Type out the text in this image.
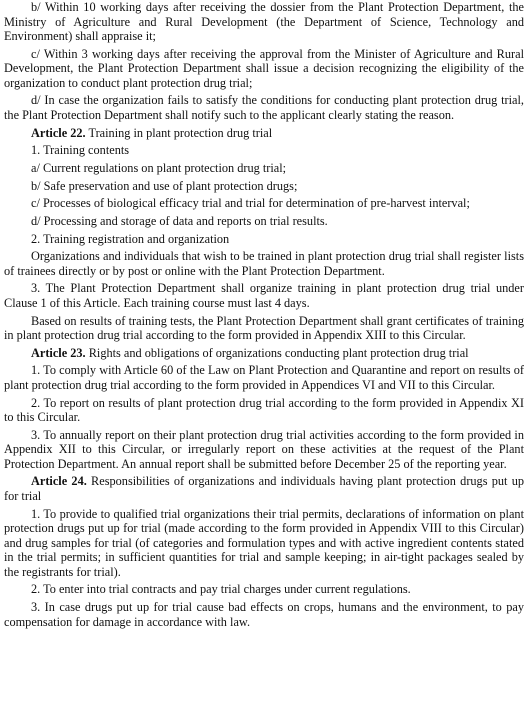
b/ Within 10 working days after receiving the dossier from the Plant Protection Department, the Ministry of Agriculture and Rural Development (the Department of Science, Technology and Environment) shall appraise it;

c/ Within 3 working days after receiving the approval from the Minister of Agriculture and Rural Development, the Plant Protection Department shall issue a decision recognizing the eligibility of the organization to conduct plant protection drug trial;

d/ In case the organization fails to satisfy the conditions for conducting plant protection drug trial, the Plant Protection Department shall notify such to the applicant clearly stating the reason.

Article 22. Training in plant protection drug trial

1. Training contents

a/ Current regulations on plant protection drug trial;

b/ Safe preservation and use of plant protection drugs;

c/ Processes of biological efficacy trial and trial for determination of pre-harvest interval;

d/ Processing and storage of data and reports on trial results.

2. Training registration and organization

Organizations and individuals that wish to be trained in plant protection drug trial shall register lists of trainees directly or by post or online with the Plant Protection Department.

3. The Plant Protection Department shall organize training in plant protection drug trial under Clause 1 of this Article. Each training course must last 4 days.

Based on results of training tests, the Plant Protection Department shall grant certificates of training in plant protection drug trial according to the form provided in Appendix XIII to this Circular.

Article 23. Rights and obligations of organizations conducting plant protection drug trial

1. To comply with Article 60 of the Law on Plant Protection and Quarantine and report on results of plant protection drug trial according to the form provided in Appendices VI and VII to this Circular.

2. To report on results of plant protection drug trial according to the form provided in Appendix XI to this Circular.

3. To annually report on their plant protection drug trial activities according to the form provided in Appendix XII to this Circular, or irregularly report on these activities at the request of the Plant Protection Department. An annual report shall be submitted before December 25 of the reporting year.

Article 24. Responsibilities of organizations and individuals having plant protection drugs put up for trial

1. To provide to qualified trial organizations their trial permits, declarations of information on plant protection drugs put up for trial (made according to the form provided in Appendix VIII to this Circular) and drug samples for trial (of categories and formulation types and with active ingredient contents stated in the trial permits; in sufficient quantities for trial and sample keeping; in air-tight packages sealed by the registrants for trial).

2. To enter into trial contracts and pay trial charges under current regulations.

3. In case drugs put up for trial cause bad effects on crops, humans and the environment, to pay compensation for damage in accordance with law.
